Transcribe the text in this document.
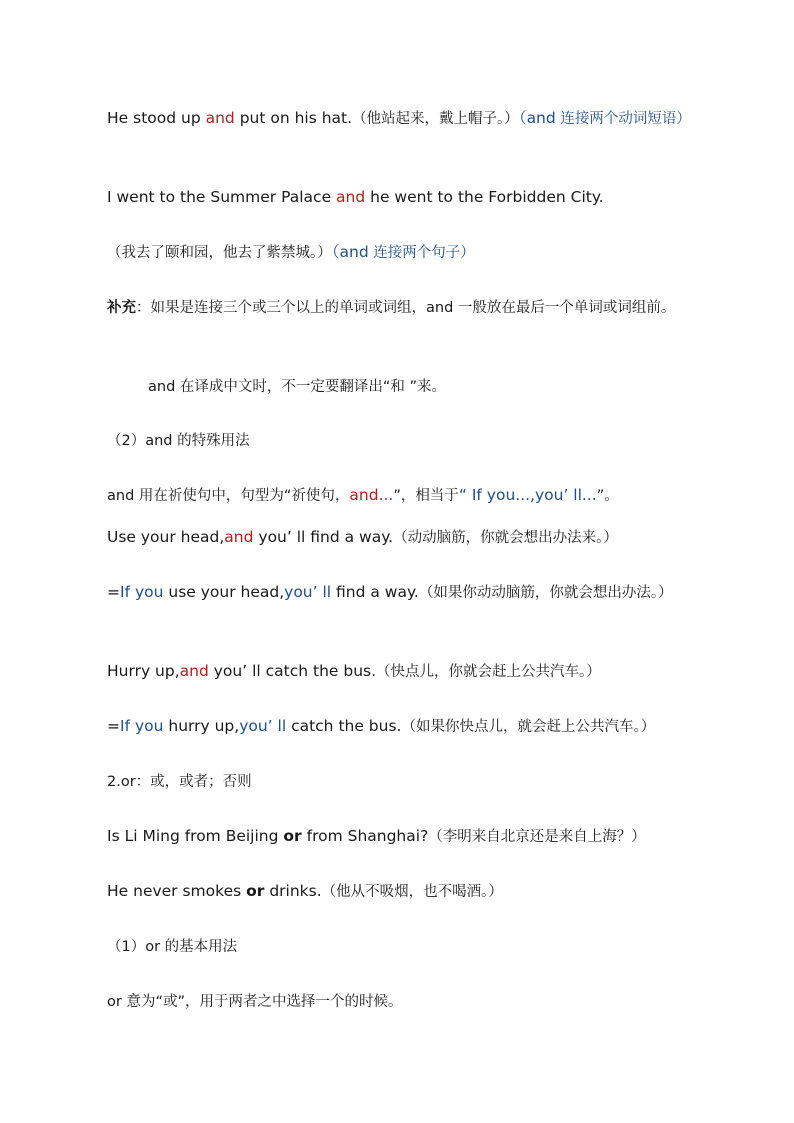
He stood up and put on his hat.（他站起来，戴上帽子。）（and 连接两个动词短语）
I went to the Summer Palace and he went to the Forbidden City.
（我去了颐和园，他去了紫禁城。）（and 连接两个句子）
补充：如果是连接三个或三个以上的单词或词组，and 一般放在最后一个单词或词组前。
and 在译成中文时，不一定要翻译出“和 ”来。
（2）and 的特殊用法
and 用在祈使句中，句型为“祈使句，and...”，相当于“ If you...,you’ ll...”。
Use your head,and you’ ll find a way.（动动脑筋，你就会想出办法来。）
=If you use your head,you’ ll find a way.（如果你动动脑筋，你就会想出办法。）
Hurry up,and you’ ll catch the bus.（快点儿，你就会赶上公共汽车。）
=If you hurry up,you’ ll catch the bus.（如果你快点儿，就会赶上公共汽车。）
2.or：或，或者；否则
Is Li Ming from Beijing or from Shanghai?（李明来自北京还是来自上海？）
He never smokes or drinks.（他从不吸烟，也不喝酒。）
（1）or 的基本用法
or 意为“或”，用于两者之中选择一个的时候。
